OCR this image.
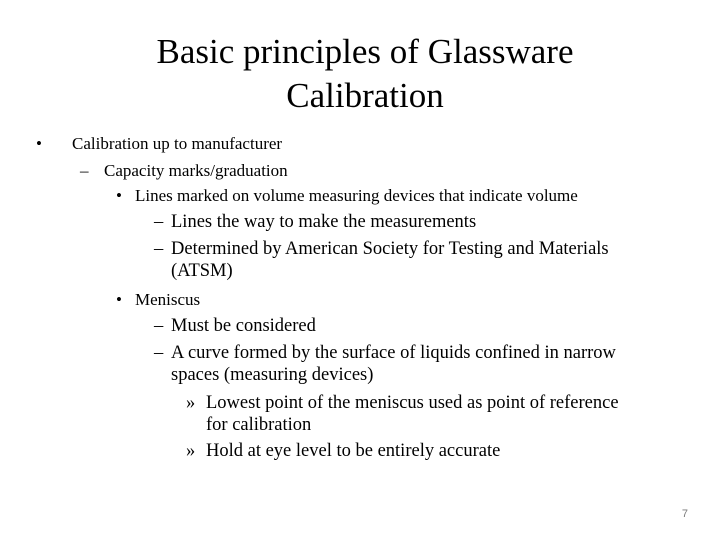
Basic principles of Glassware
Calibration
•	Calibration up to manufacturer
– Capacity marks/graduation
• Lines marked on volume measuring devices that indicate volume
– Lines the way to make the measurements
– Determined by American Society for Testing and Materials
(ATSM)
• Meniscus
– Must be considered
– A curve formed by the surface of liquids confined in narrow
spaces (measuring devices)
» Lowest point of the meniscus used as point of reference
for calibration
» Hold at eye level to be entirely accurate
7
